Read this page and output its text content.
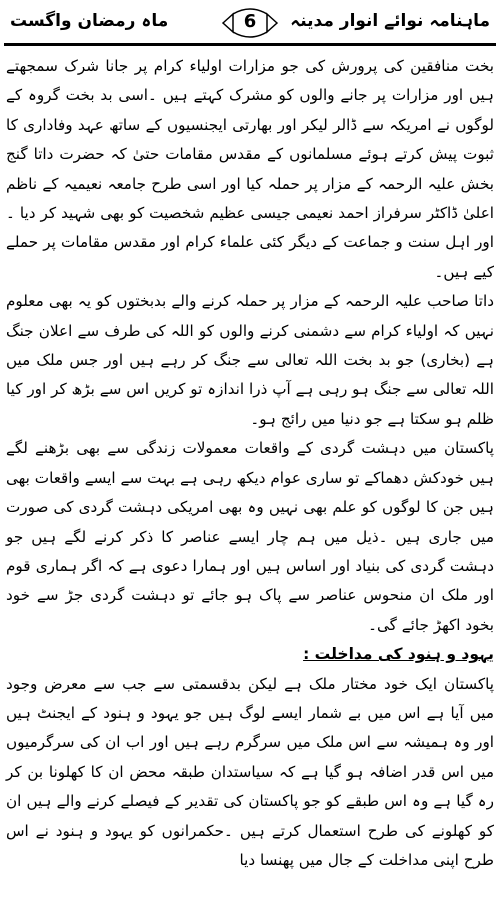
ماہ رمضان واگست	6	ماہنامہ نوائے انوار مدینہ

بخت منافقین کی پرورش کی جو مزارات اولیاء کرام پر جانا شرک سمجھتے ہیں اور مزارات پر جانے والوں کو مشرک کہتے ہیں ۔اسی بد بخت گروہ کے لوگوں نے امریکہ سے ڈالر لیکر اور بھارتی ایجنسیوں کے ساتھ عہد وفاداری کا ثبوت پیش کرتے ہوئے مسلمانوں کے مقدس مقامات حتیٰ کہ حضرت داتا گنج بخش علیہ الرحمہ کے مزار پر حملہ کیا اور اسی طرح جامعہ نعیمیہ کے ناظم اعلیٰ ڈاکٹر سرفراز احمد نعیمی جیسی عظیم شخصیت کو بھی شہید کر دیا ۔اور اہل سنت و جماعت کے دیگر کئی علماء کرام اور مقدس مقامات پر حملے کیے ہیں۔

داتا صاحب علیہ الرحمہ کے مزار پر حملہ کرنے والے بدبختوں کو یہ بھی معلوم نہیں کہ اولیاء کرام سے دشمنی کرنے والوں کو اللہ کی طرف سے اعلان جنگ ہے (بخاری) جو بد بخت اللہ تعالی سے جنگ کر رہے ہیں اور جس ملک میں اللہ تعالی سے جنگ ہو رہی ہے آپ ذرا اندازہ تو کریں اس سے بڑھ کر اور کیا ظلم ہو سکتا ہے جو دنیا میں رائج ہو۔

پاکستان میں دہشت گردی کے واقعات معمولات زندگی سے بھی بڑھنے لگے ہیں خودکش دھماکے تو ساری عوام دیکھ رہی ہے بہت سے ایسے واقعات بھی ہیں جن کا لوگوں کو علم بھی نہیں وہ بھی امریکی دہشت گردی کی صورت میں جاری ہیں ۔ذیل میں ہم چار ایسے عناصر کا ذکر کرنے لگے ہیں جو دہشت گردی کی بنیاد اور اساس ہیں اور ہمارا دعوی ہے کہ اگر ہماری قوم اور ملک ان منحوس عناصر سے پاک ہو جائے تو دہشت گردی جڑ سے خود بخود اکھڑ جائے گی۔

یہود و ہنود کی مداخلت :

پاکستان ایک خود مختار ملک ہے لیکن بدقسمتی سے جب سے معرض وجود میں آیا ہے اس میں بے شمار ایسے لوگ ہیں جو یہود و ہنود کے ایجنٹ ہیں اور وہ ہمیشہ سے اس ملک میں سرگرم رہے ہیں اور اب ان کی سرگرمیوں میں اس قدر اضافہ ہو گیا ہے کہ سیاستدان طبقہ محض ان کا کھلونا بن کر رہ گیا ہے وہ اس طبقے کو جو پاکستان کی تقدیر کے فیصلے کرنے والے ہیں ان کو کھلونے کی طرح استعمال کرتے ہیں ۔حکمرانوں کو یہود و ہنود نے اس طرح اپنی مداخلت کے جال میں پھنسا دیا
